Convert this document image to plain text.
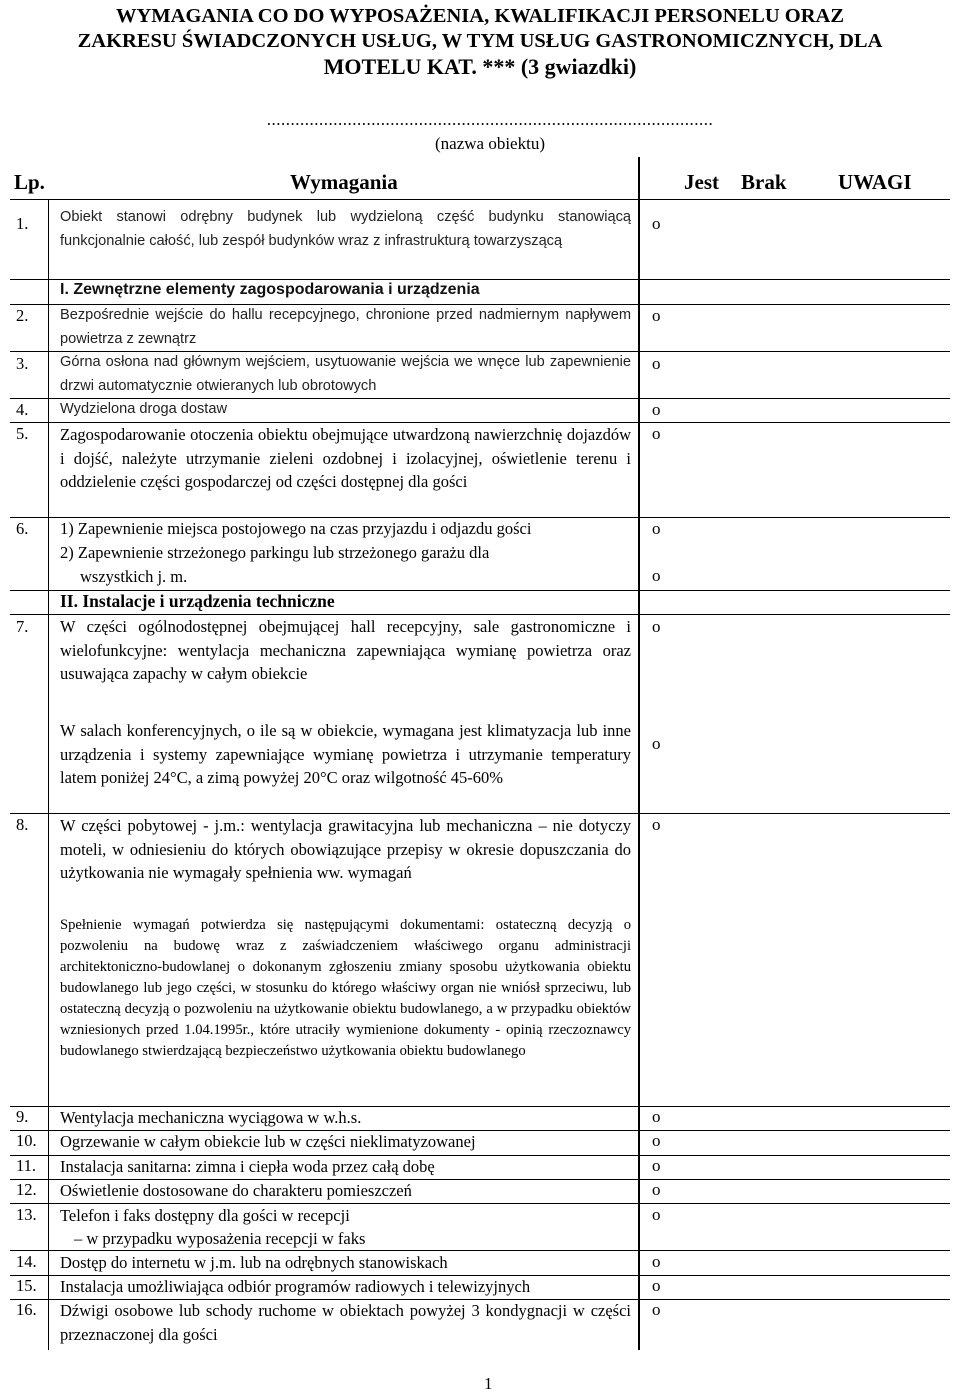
WYMAGANIA CO DO WYPOSAŻENIA, KWALIFIKACJI PERSONELU ORAZ
ZAKRESU ŚWIADCZONYCH USŁUG, W TYM USŁUG GASTRONOMICZNYCH, DLA
MOTELU KAT. *** (3 gwiazdki)
..............................................................................................
(nazwa obiektu)
Lp.	Wymagania	Jest Brak UWAGI
1.	Obiekt stanowi odrębny budynek lub wydzieloną część budynku stanowiącą funkcjonalnie całość, lub zespół budynków wraz z infrastrukturą towarzyszącą
o
I. Zewnętrzne elementy zagospodarowania i urządzenia
2.	Bezpośrednie wejście do hallu recepcyjnego, chronione przed nadmiernym napływem powietrza z zewnątrz
o
3.	Górna osłona nad głównym wejściem, usytuowanie wejścia we wnęce lub zapewnienie drzwi automatycznie otwieranych lub obrotowych
o
4.	Wydzielona droga dostaw	o
5.	Zagospodarowanie otoczenia obiektu obejmujące utwardzoną nawierzchnię dojazdów i dojść, należyte utrzymanie zieleni ozdobnej i izolacyjnej, oświetlenie terenu i oddzielenie części gospodarczej od części dostępnej dla gości
o
6.	1) Zapewnienie miejsca postojowego na czas przyjazdu i odjazdu gości
2) Zapewnienie strzeżonego parkingu lub strzeżonego garażu dla
wszystkich j. m.
o
o
II. Instalacje i urządzenia techniczne
7.	W części ogólnodostępnej obejmującej hall recepcyjny, sale gastronomiczne i wielofunkcyjne: wentylacja mechaniczna zapewniająca wymianę powietrza oraz usuwająca zapachy w całym obiekcie
W salach konferencyjnych, o ile są w obiekcie, wymagana jest klimatyzacja lub inne urządzenia i systemy zapewniające wymianę powietrza i utrzymanie temperatury latem poniżej 24°C, a zimą powyżej 20°C oraz wilgotność 45-60%
o
o
8.	W części pobytowej - j.m.: wentylacja grawitacyjna lub mechaniczna – nie dotyczy moteli, w odniesieniu do których obowiązujące przepisy w okresie dopuszczania do użytkowania nie wymagały spełnienia ww. wymagań
Spełnienie wymagań potwierdza się następującymi dokumentami: ostateczną decyzją o pozwoleniu na budowę wraz z zaświadczeniem właściwego organu administracji architektoniczno-budowlanej o dokonanym zgłoszeniu zmiany sposobu użytkowania obiektu budowlanego lub jego części, w stosunku do którego właściwy organ nie wniósł sprzeciwu, lub ostateczną decyzją o pozwoleniu na użytkowanie obiektu budowlanego, a w przypadku obiektów wzniesionych przed 1.04.1995r., które utraciły wymienione dokumenty - opinią rzeczoznawcy budowlanego stwierdzającą bezpieczeństwo użytkowania obiektu budowlanego
o
9.	Wentylacja mechaniczna wyciągowa w w.h.s.	o
10.	Ogrzewanie w całym obiekcie lub w części nieklimatyzowanej	o
11.	Instalacja sanitarna: zimna i ciepła woda przez całą dobę	o
12.	Oświetlenie dostosowane do charakteru pomieszczeń	o
13.	Telefon i faks dostępny dla gości w recepcji
– w przypadku wyposażenia recepcji w faks
o
14.	Dostęp do internetu w j.m. lub na odrębnych stanowiskach	o
15.	Instalacja umożliwiająca odbiór programów radiowych i telewizyjnych	o
16.	Dźwigi osobowe lub schody ruchome w obiektach powyżej 3 kondygnacji w części przeznaczonej dla gości
o
1
